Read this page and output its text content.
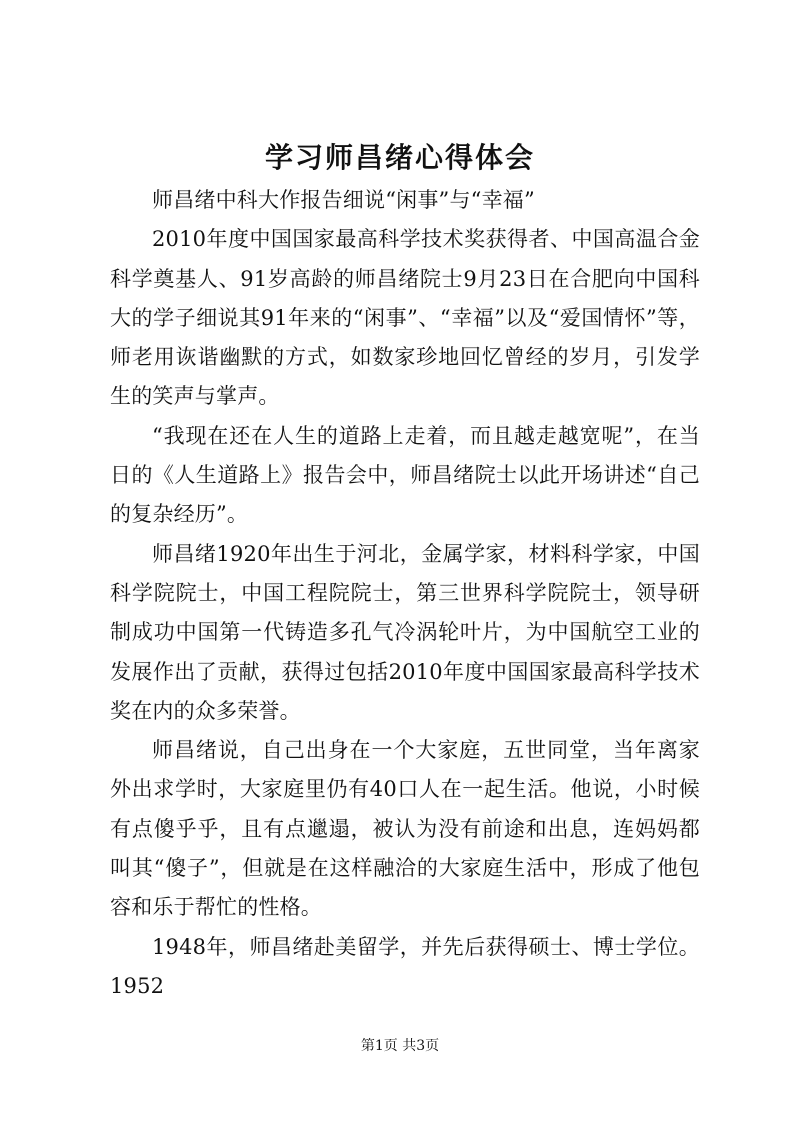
学习师昌绪心得体会

师昌绪中科大作报告细说“闲事”与“幸福”

2010年度中国国家最高科学技术奖获得者、中国高温合金科学奠基人、91岁高龄的师昌绪院士9月23日在合肥向中国科大的学子细说其91年来的“闲事”、“幸福”以及“爱国情怀”等，师老用诙谐幽默的方式，如数家珍地回忆曾经的岁月，引发学生的笑声与掌声。

“我现在还在人生的道路上走着，而且越走越宽呢”，在当日的《人生道路上》报告会中，师昌绪院士以此开场讲述“自己的复杂经历”。

师昌绪1920年出生于河北，金属学家，材料科学家，中国科学院院士，中国工程院院士，第三世界科学院院士，领导研制成功中国第一代铸造多孔气冷涡轮叶片，为中国航空工业的发展作出了贡献，获得过包括2010年度中国国家最高科学技术奖在内的众多荣誉。

师昌绪说，自己出身在一个大家庭，五世同堂，当年离家外出求学时，大家庭里仍有40口人在一起生活。他说，小时候有点傻乎乎，且有点邋遢，被认为没有前途和出息，连妈妈都叫其“傻子”，但就是在这样融洽的大家庭生活中，形成了他包容和乐于帮忙的性格。

1948年，师昌绪赴美留学，并先后获得硕士、博士学位。1952

第1页 共3页
